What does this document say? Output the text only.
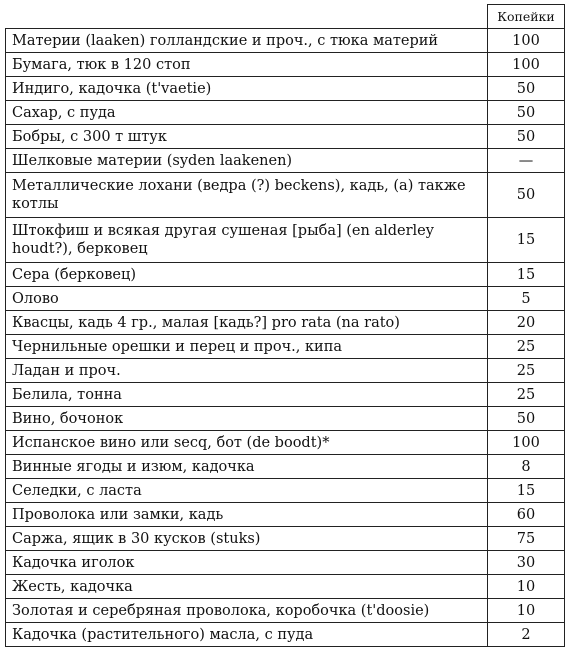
	Копейки
Материи (laaken) голландские и проч., с тюка материй	100
Бумага, тюк в 120 стоп	100
Индиго, кадочка (t'vaetie)	50
Сахар, с пуда	50
Бобры, с 300 т штук	50
Шелковые материи (syden laakenen)	—
Металлические лохани (ведра (?) beckens), кадь, (а) также котлы	50
Штокфиш и всякая другая сушеная [рыба] (en alderley houdt?), берковец	15
Сера (берковец)	15
Олово	5
Квасцы, кадь 4 гр., малая [кадь?] pro rata (na rato)	20
Чернильные орешки и перец и проч., кипа	25
Ладан и проч.	25
Белила, тонна	25
Вино, бочонок	50
Испанское вино или secq, бот (de boodt)*	100
Винные ягоды и изюм, кадочка	8
Селедки, с ласта	15
Проволока или замки, кадь	60
Саржа, ящик в 30 кусков (stuks)	75
Кадочка иголок	30
Жесть, кадочка	10
Золотая и серебряная проволока, коробочка (t'doosie)	10
Кадочка (растительного) масла, с пуда	2
